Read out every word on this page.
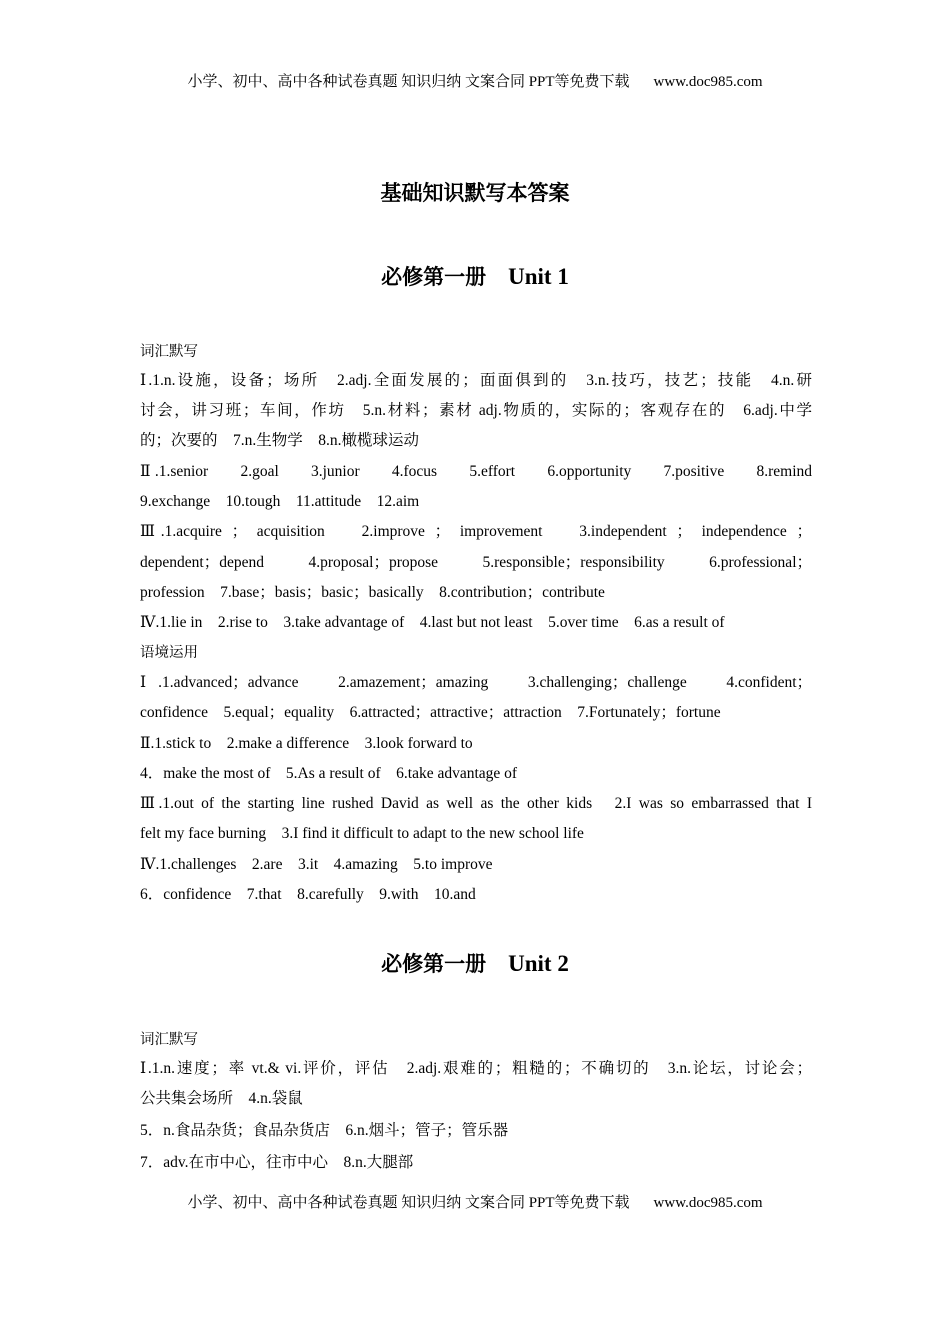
小学、初中、高中各种试卷真题 知识归纳 文案合同 PPT等免费下载 www.doc985.com
基础知识默写本答案
必修第一册 Unit 1
词汇默写
Ⅰ.1.n.设施，设备；场所　2.adj.全面发展的；面面俱到的　3.n.技巧，技艺；技能　4.n.研
讨会，讲习班；车间，作坊　5.n.材料；素材 adj.物质的，实际的；客观存在的　6.adj.中学
的；次要的　7.n.生物学　8.n.橄榄球运动
Ⅱ.1.senior　 2.goal　 3.junior　 4.focus　 5.effort　 6.opportunity　 7.positive　 8.remind
9.exchange　10.tough　11.attitude　12.aim
Ⅲ.1.acquire ； acquisition　 2.improve ； improvement　 3.independent ； independence ；
dependent；depend　4.proposal；propose　5.responsible；responsibility　6.professional；
profession　7.base；basis；basic；basically　8.contribution；contribute
Ⅳ.1.lie in　2.rise to　3.take advantage of　4.last but not least　5.over time　6.as a result of
语境运用
Ⅰ.1.advanced；advance　2.amazement；amazing　3.challenging；challenge　4.confident；
confidence　5.equal；equality　6.attracted；attractive；attraction　7.Fortunately；fortune
Ⅱ.1.stick to　2.make a difference　3.look forward to
4．make the most of　5.As a result of　6.take advantage of
Ⅲ.1.out of the starting line rushed David as well as the other kids　2.I was so embarrassed that I
felt my face burning　3.I find it difficult to adapt to the new school life
Ⅳ.1.challenges　2.are　3.it　4.amazing　5.to improve
6．confidence　7.that　8.carefully　9.with　10.and
必修第一册 Unit 2
词汇默写
Ⅰ.1.n.速度；率 vt.& vi.评价，评估　2.adj.艰难的；粗糙的；不确切的　3.n.论坛，讨论会；
公共集会场所　4.n.袋鼠
5．n.食品杂货；食品杂货店　6.n.烟斗；管子；管乐器
7．adv.在市中心，往市中心　8.n.大腿部
小学、初中、高中各种试卷真题 知识归纳 文案合同 PPT等免费下载 www.doc985.com
